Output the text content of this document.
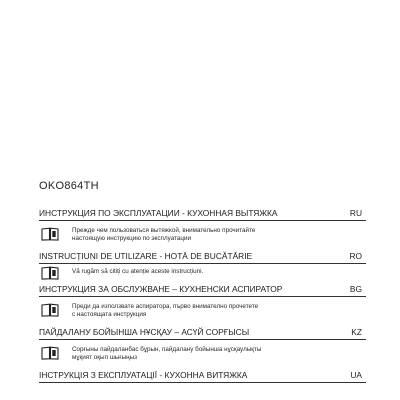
OKO864TH
ИНСТРУКЦИЯ ПО ЭКСПЛУАТАЦИИ - КУХОННАЯ ВЫТЯЖКА	RU
Прежде чем пользоваться вытяжкой, внимательно прочитайте
настоящую инструкцию по эксплуатации
INSTRUCȚIUNI DE UTILIZARE - HOTĂ DE BUCĂTĂRIE	RO
Vă rugăm să citiți cu atenție aceste instrucțiuni.
ИНСТРУКЦИЯ ЗА ОБСЛУЖВАНЕ – КУХНЕНСКИ АСПИРАТОР	BG
Преди да използвате аспиратора, първо внимателно прочетете
с настоящата инструкция
ПАЙДАЛАНУ БОЙЫНША НҰСҚАУ – АСҮЙ СОРҒЫСЫ	KZ
Сорғыны пайдаланбас бұрын, пайдалану бойынша нұсқаулықты
мұқият оқып шығыңыз
ІНСТРУКЦІЯ З ЕКСПЛУАТАЦІЇ - КУХОННА ВИТЯЖКА	UA
